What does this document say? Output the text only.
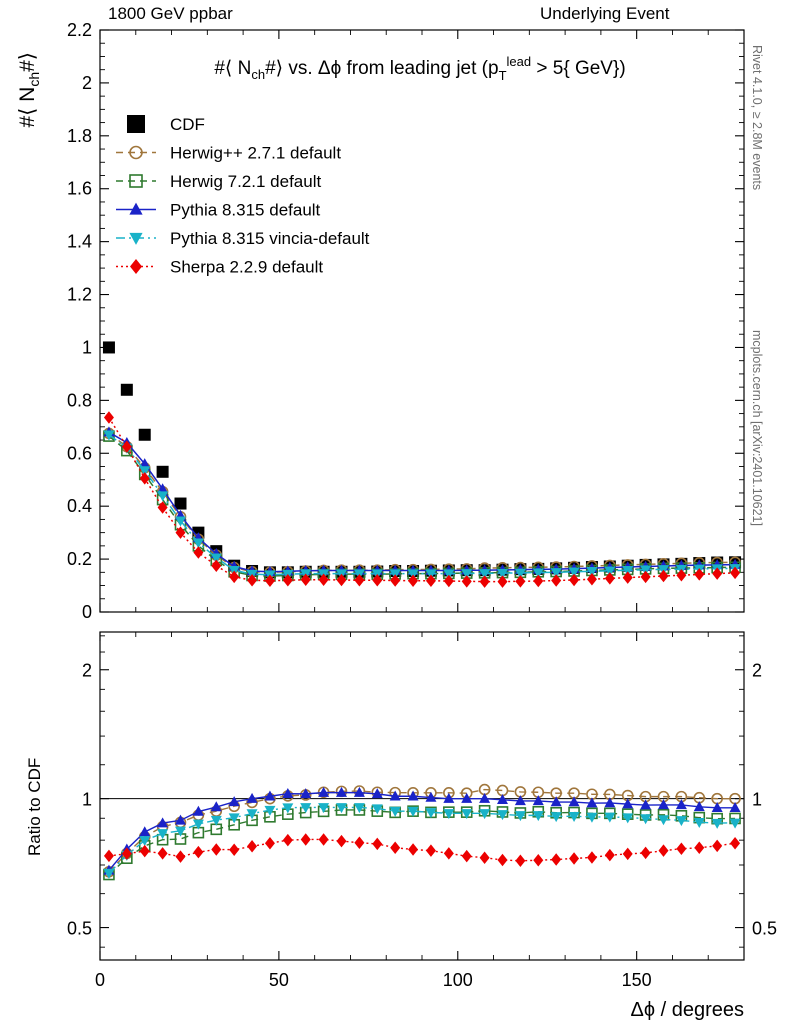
1800 GeV ppbar	Underlying Event
Rivet 4.1.0, ≥ 2.8M events
mcplots.cern.ch [arXiv:2401.10621]
0
0.2
0.4
0.6
0.8
1
1.2
1.4
1.6
1.8
2
2.2
0.5	0.5
1	1
2	2
0	50	100	150
Δϕ / degrees
#⟨ $N_{ch}\#⟩$
Ratio to CDF
#⟨ $N_{ch}\#⟩$ vs. Δϕ from leading jet ($p_T^{lead} > 5${ GeV})
CDF
Herwig++ 2.7.1 default
Herwig 7.2.1 default
Pythia 8.315 default
Pythia 8.315 vincia-default
Sherpa 2.2.9 default
